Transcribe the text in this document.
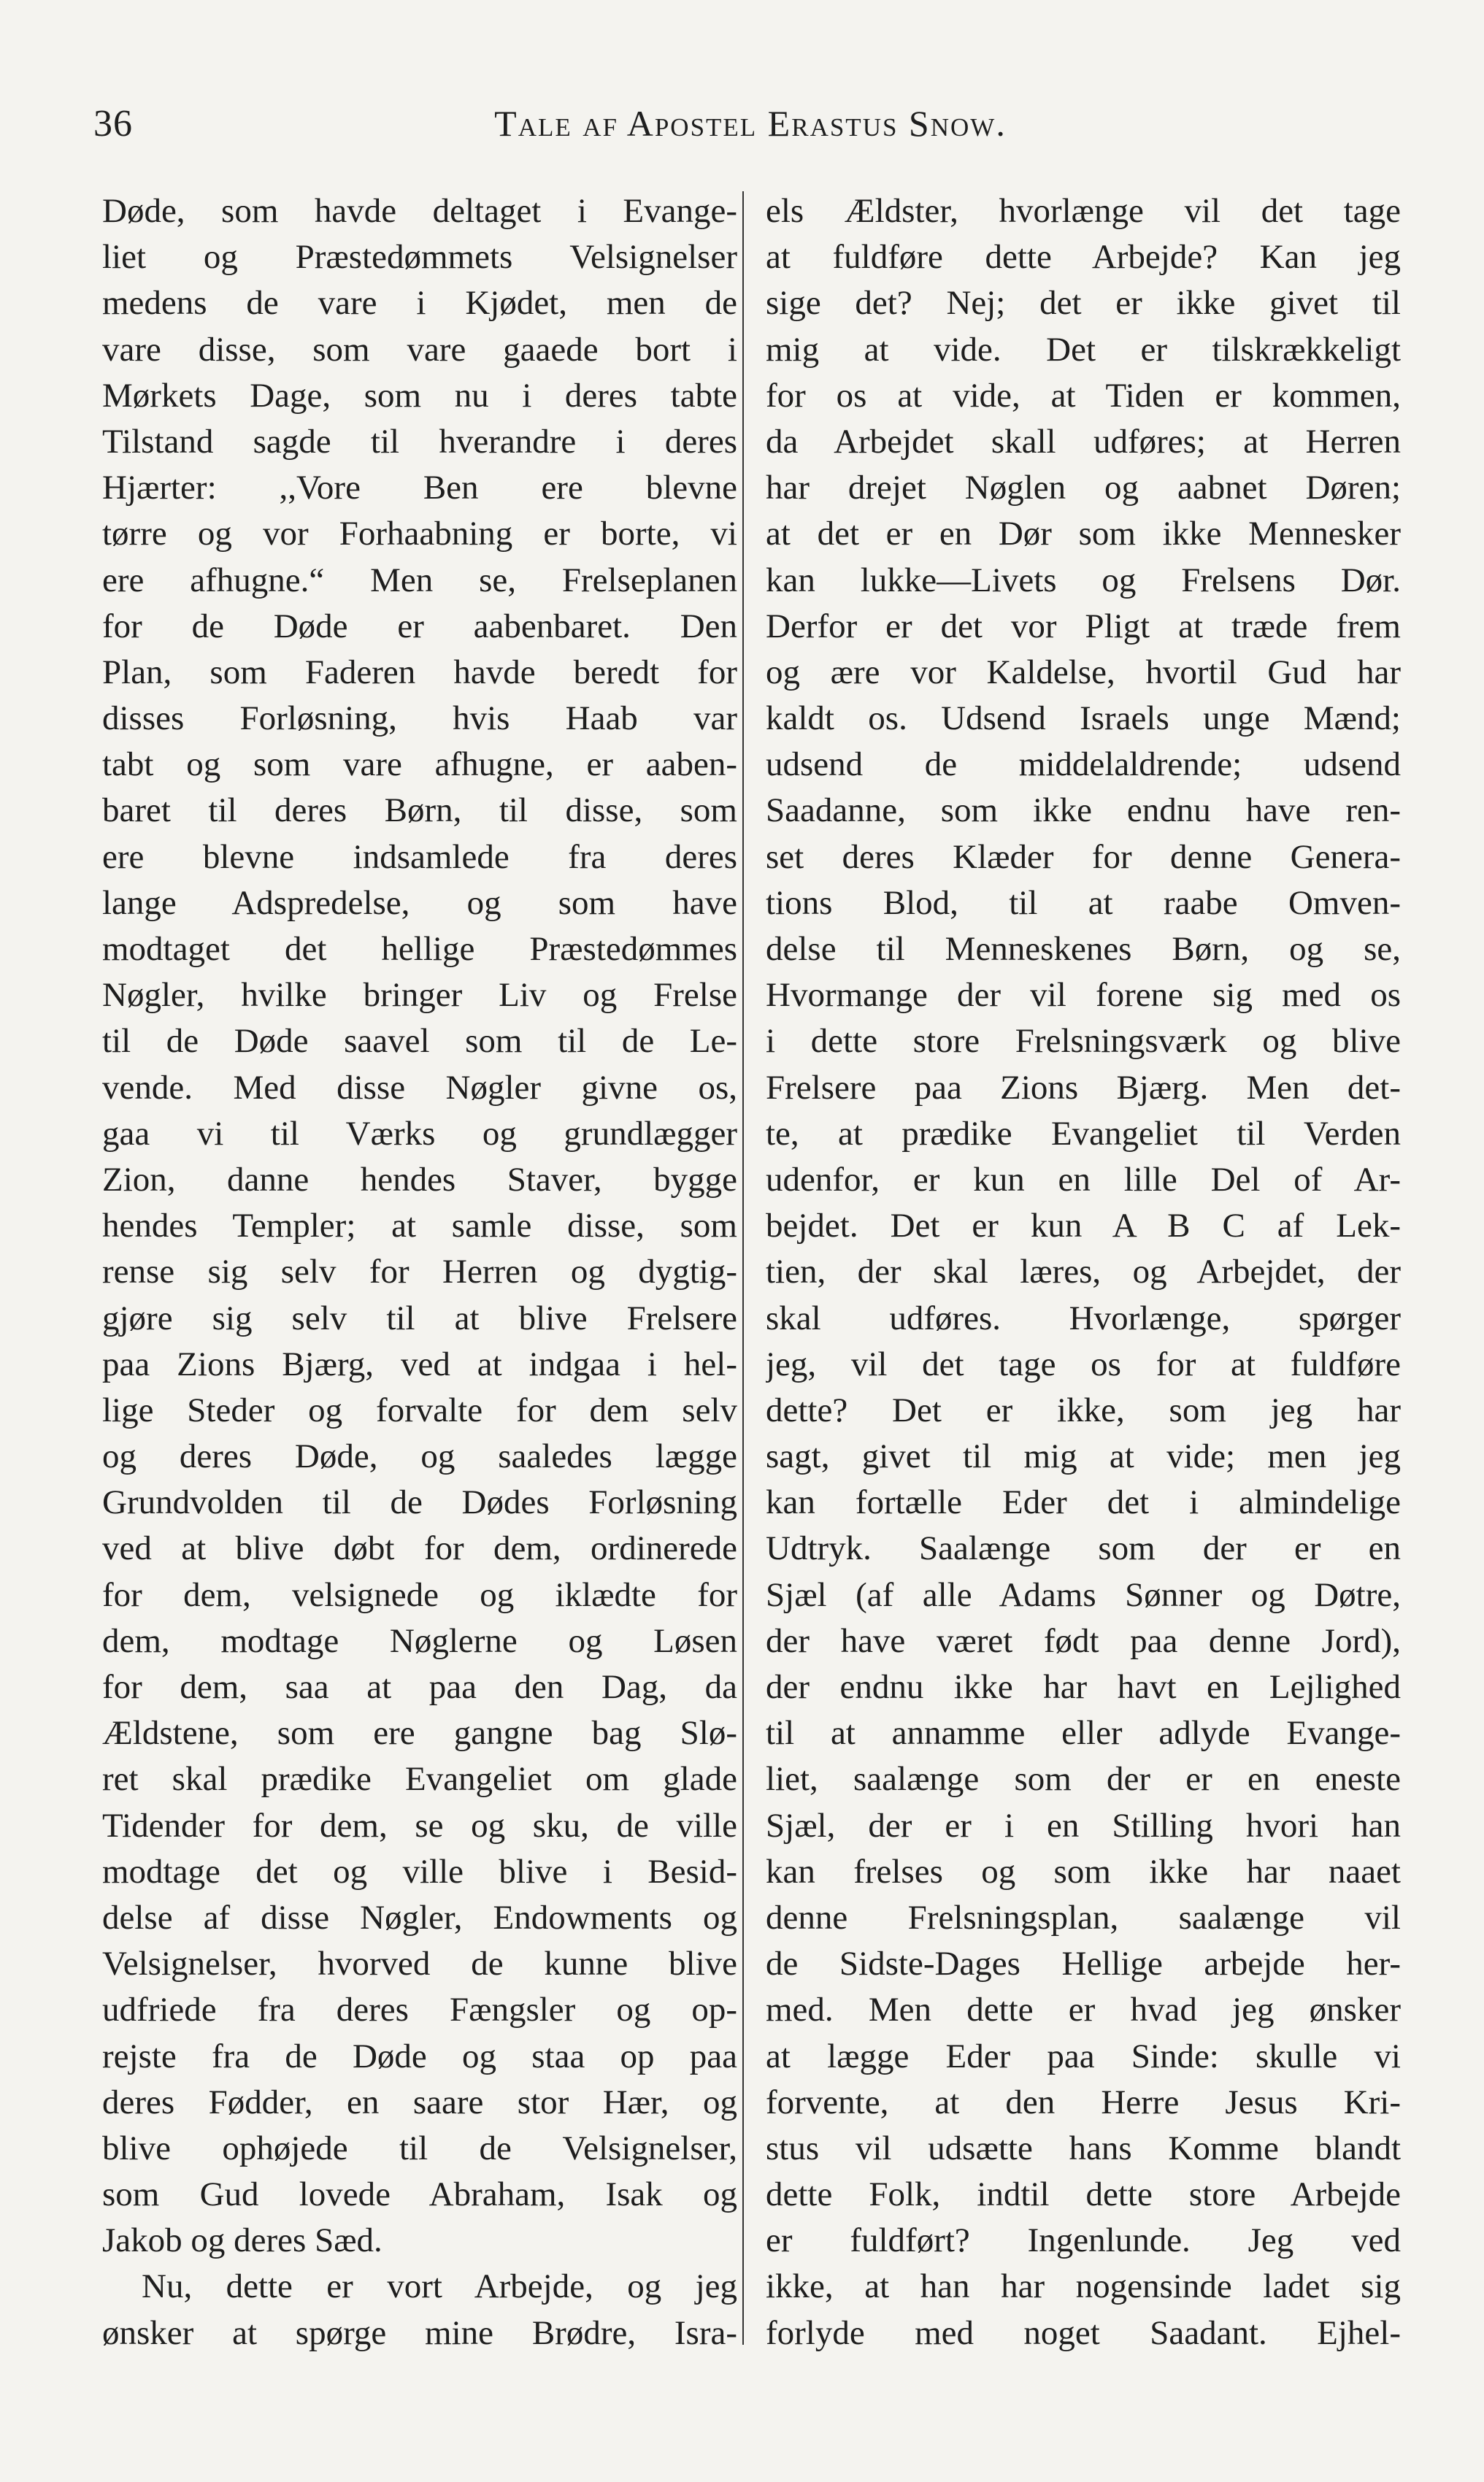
36	Tale af Apostel Erastus Snow.
Døde, som havde deltaget i Evange-
liet og Præstedømmets Velsignelser
medens de vare i Kjødet, men de
vare disse, som vare gaaede bort i
Mørkets Dage, som nu i deres tabte
Tilstand sagde til hverandre i deres
Hjærter: ,,Vore Ben ere blevne
tørre og vor Forhaabning er borte, vi
ere afhugne.“ Men se, Frelseplanen
for de Døde er aabenbaret. Den
Plan, som Faderen havde beredt for
disses Forløsning, hvis Haab var
tabt og som vare afhugne, er aaben-
baret til deres Børn, til disse, som
ere blevne indsamlede fra deres
lange Adspredelse, og som have
modtaget det hellige Præstedømmes
Nøgler, hvilke bringer Liv og Frelse
til de Døde saavel som til de Le-
vende. Med disse Nøgler givne os,
gaa vi til Værks og grundlægger
Zion, danne hendes Staver, bygge
hendes Templer; at samle disse, som
rense sig selv for Herren og dygtig-
gjøre sig selv til at blive Frelsere
paa Zions Bjærg, ved at indgaa i hel-
lige Steder og forvalte for dem selv
og deres Døde, og saaledes lægge
Grundvolden til de Dødes Forløsning
ved at blive døbt for dem, ordinerede
for dem, velsignede og iklædte for
dem, modtage Nøglerne og Løsen
for dem, saa at paa den Dag, da
Ældstene, som ere gangne bag Slø-
ret skal prædike Evangeliet om glade
Tidender for dem, se og sku, de ville
modtage det og ville blive i Besid-
delse af disse Nøgler, Endowments og
Velsignelser, hvorved de kunne blive
udfriede fra deres Fængsler og op-
rejste fra de Døde og staa op paa
deres Fødder, en saare stor Hær, og
blive ophøjede til de Velsignelser,
som Gud lovede Abraham, Isak og
Jakob og deres Sæd.
Nu, dette er vort Arbejde, og jeg
ønsker at spørge mine Brødre, Isra-
els Ældster, hvorlænge vil det tage
at fuldføre dette Arbejde? Kan jeg
sige det? Nej; det er ikke givet til
mig at vide. Det er tilskrækkeligt
for os at vide, at Tiden er kommen,
da Arbejdet skall udføres; at Herren
har drejet Nøglen og aabnet Døren;
at det er en Dør som ikke Mennesker
kan lukke—Livets og Frelsens Dør.
Derfor er det vor Pligt at træde frem
og ære vor Kaldelse, hvortil Gud har
kaldt os. Udsend Israels unge Mænd;
udsend de middelaldrende; udsend
Saadanne, som ikke endnu have ren-
set deres Klæder for denne Genera-
tions Blod, til at raabe Omven-
delse til Menneskenes Børn, og se,
Hvormange der vil forene sig med os
i dette store Frelsningsværk og blive
Frelsere paa Zions Bjærg. Men det-
te, at prædike Evangeliet til Verden
udenfor, er kun en lille Del of Ar-
bejdet. Det er kun A B C af Lek-
tien, der skal læres, og Arbejdet, der
skal udføres. Hvorlænge, spørger
jeg, vil det tage os for at fuldføre
dette? Det er ikke, som jeg har
sagt, givet til mig at vide; men jeg
kan fortælle Eder det i almindelige
Udtryk. Saalænge som der er en
Sjæl (af alle Adams Sønner og Døtre,
der have været født paa denne Jord),
der endnu ikke har havt en Lejlighed
til at annamme eller adlyde Evange-
liet, saalænge som der er en eneste
Sjæl, der er i en Stilling hvori han
kan frelses og som ikke har naaet
denne Frelsningsplan, saalænge vil
de Sidste-Dages Hellige arbejde her-
med. Men dette er hvad jeg ønsker
at lægge Eder paa Sinde: skulle vi
forvente, at den Herre Jesus Kri-
stus vil udsætte hans Komme blandt
dette Folk, indtil dette store Arbejde
er fuldført? Ingenlunde. Jeg ved
ikke, at han har nogensinde ladet sig
forlyde med noget Saadant. Ejhel-
